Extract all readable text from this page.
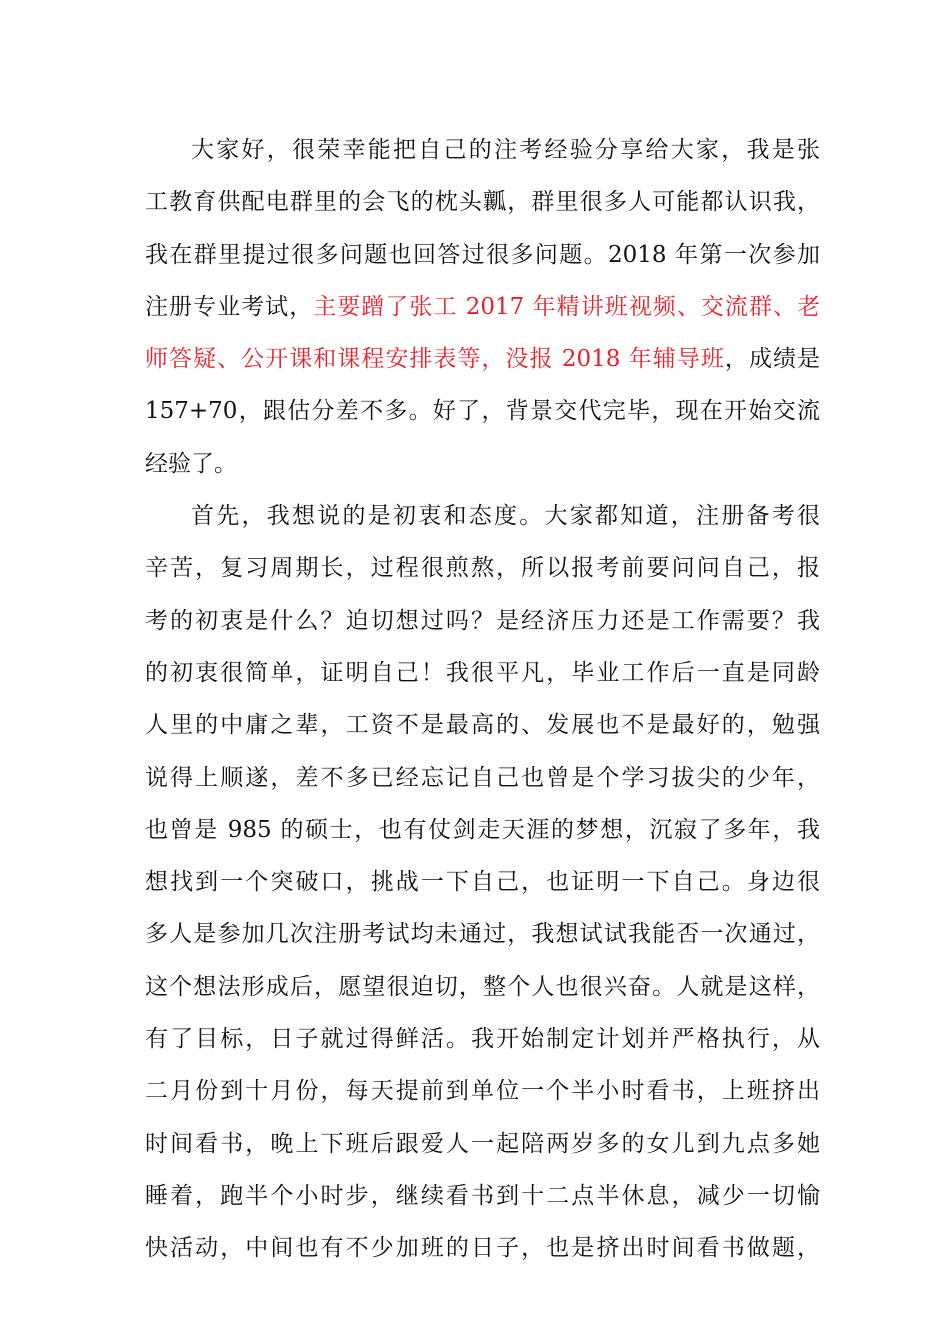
大家好，很荣幸能把自己的注考经验分享给大家，我是张
工教育供配电群里的会飞的枕头瓤，群里很多人可能都认识我，
我在群里提过很多问题也回答过很多问题。2018 年第一次参加
注册专业考试，主要蹭了张工 2017 年精讲班视频、交流群、老
师答疑、公开课和课程安排表等，没报 2018 年辅导班，成绩是
157+70，跟估分差不多。好了，背景交代完毕，现在开始交流
经验了。
首先，我想说的是初衷和态度。大家都知道，注册备考很
辛苦，复习周期长，过程很煎熬，所以报考前要问问自己，报
考的初衷是什么？迫切想过吗？是经济压力还是工作需要？我
的初衷很简单，证明自己！我很平凡，毕业工作后一直是同龄
人里的中庸之辈，工资不是最高的、发展也不是最好的，勉强
说得上顺遂，差不多已经忘记自己也曾是个学习拔尖的少年，
也曾是 985 的硕士，也有仗剑走天涯的梦想，沉寂了多年，我
想找到一个突破口，挑战一下自己，也证明一下自己。身边很
多人是参加几次注册考试均未通过，我想试试我能否一次通过，
这个想法形成后，愿望很迫切，整个人也很兴奋。人就是这样，
有了目标，日子就过得鲜活。我开始制定计划并严格执行，从
二月份到十月份，每天提前到单位一个半小时看书，上班挤出
时间看书，晚上下班后跟爱人一起陪两岁多的女儿到九点多她
睡着，跑半个小时步，继续看书到十二点半休息，减少一切愉
快活动，中间也有不少加班的日子，也是挤出时间看书做题，
